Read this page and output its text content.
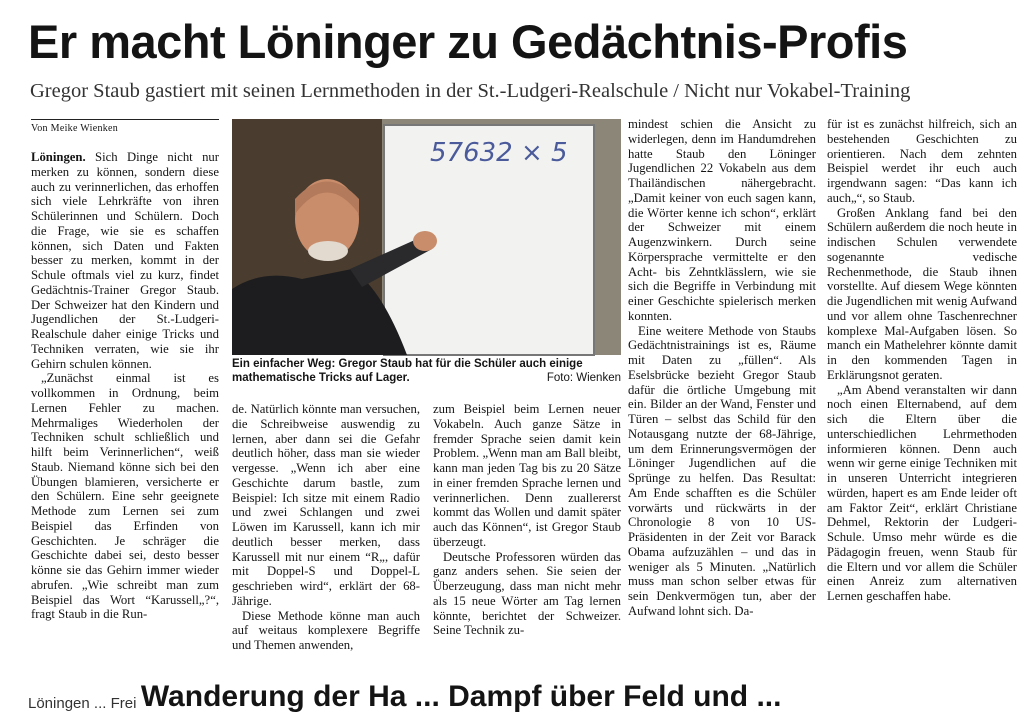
Er macht Löninger zu Gedächtnis-Profis
Gregor Staub gastiert mit seinen Lernmethoden in der St.-Ludgeri-Realschule / Nicht nur Vokabel-Training
Von Meike Wienken

Löningen. Sich Dinge nicht nur merken zu können, sondern diese auch zu verinnerlichen, das erhoffen sich viele Lehrkräfte von ihren Schülerinnen und Schülern. Doch die Frage, wie sie es schaffen können, sich Daten und Fakten besser zu merken, kommt in der Schule oftmals viel zu kurz, findet Gedächtnis-Trainer Gregor Staub. Der Schweizer hat den Kindern und Jugendlichen der St.-Ludgeri-Realschule daher einige Tricks und Techniken verraten, wie sie ihr Gehirn schulen können.

„Zunächst einmal ist es vollkommen in Ordnung, beim Lernen Fehler zu machen. Mehrmaliges Wiederholen der Techniken schult schließlich und hilft beim Verinnerlichen“, weiß Staub. Niemand könne sich bei den Übungen blamieren, versicherte er den Schülern. Eine sehr geeignete Methode zum Lernen sei zum Beispiel das Erfinden von Geschichten. Je schräger die Geschichte dabei sei, desto besser könne sie das Gehirn immer wieder abrufen. „Wie schreibt man zum Beispiel das Wort “Karussell„?“, fragt Staub in die Run-

57632 × 5
Ein einfacher Weg: Gregor Staub hat für die Schüler auch einige mathematische Tricks auf Lager.	Foto: Wienken

de. Natürlich könnte man versuchen, die Schreibweise auswendig zu lernen, aber dann sei die Gefahr deutlich höher, dass man sie wieder vergesse. „Wenn ich aber eine Geschichte darum bastle, zum Beispiel: Ich sitze mit einem Radio und zwei Schlangen und zwei Löwen im Karussell, kann ich mir deutlich besser merken, dass Karussell mit nur einem “R„, dafür mit Doppel-S und Doppel-L geschrieben wird“, erklärt der 68-Jährige.

Diese Methode könne man auch auf weitaus komplexere Begriffe und Themen anwenden,

zum Beispiel beim Lernen neuer Vokabeln. Auch ganze Sätze in fremder Sprache seien damit kein Problem. „Wenn man am Ball bleibt, kann man jeden Tag bis zu 20 Sätze in einer fremden Sprache lernen und verinnerlichen. Denn zuallererst kommt das Wollen und damit später auch das Können“, ist Gregor Staub überzeugt.

Deutsche Professoren würden das ganz anders sehen. Sie seien der Überzeugung, dass man nicht mehr als 15 neue Wörter am Tag lernen könnte, berichtet der Schweizer. Seine Technik zu-

mindest schien die Ansicht zu widerlegen, denn im Handumdrehen hatte Staub den Löninger Jugendlichen 22 Vokabeln aus dem Thailändischen nähergebracht. „Damit keiner von euch sagen kann, die Wörter kenne ich schon“, erklärt der Schweizer mit einem Augenzwinkern. Durch seine Körpersprache vermittelte er den Acht- bis Zehntklässlern, wie sie sich die Begriffe in Verbindung mit einer Geschichte spielerisch merken konnten.

Eine weitere Methode von Staubs Gedächtnistrainings ist es, Räume mit Daten zu „füllen“. Als Eselsbrücke bezieht Gregor Staub dafür die örtliche Umgebung mit ein. Bilder an der Wand, Fenster und Türen – selbst das Schild für den Notausgang nutzte der 68-Jährige, um dem Erinnerungsvermögen der Löninger Jugendlichen auf die Sprünge zu helfen. Das Resultat: Am Ende schafften es die Schüler vorwärts und rückwärts in der Chronologie 8 von 10 US-Präsidenten in der Zeit vor Barack Obama aufzuzählen – und das in weniger als 5 Minuten. „Natürlich muss man schon selber etwas für sein Denkvermögen tun, aber der Aufwand lohnt sich. Da-

für ist es zunächst hilfreich, sich an bestehenden Geschichten zu orientieren. Nach dem zehnten Beispiel werdet ihr euch auch irgendwann sagen: “Das kann ich auch„“, so Staub.

Großen Anklang fand bei den Schülern außerdem die noch heute in indischen Schulen verwendete sogenannte vedische Rechenmethode, die Staub ihnen vorstellte. Auf diesem Wege könnten die Jugendlichen mit wenig Aufwand und vor allem ohne Taschenrechner komplexe Mal-Aufgaben lösen. So manch ein Mathelehrer könnte damit in den kommenden Tagen in Erklärungsnot geraten.

„Am Abend veranstalten wir dann noch einen Elternabend, auf dem sich die Eltern über die unterschiedlichen Lehrmethoden informieren können. Denn auch wenn wir gerne einige Techniken mit in unseren Unterricht integrieren würden, hapert es am Ende leider oft am Faktor Zeit“, erklärt Christiane Dehmel, Rektorin der Ludgeri-Schule. Umso mehr würde es die Pädagogin freuen, wenn Staub für die Eltern und vor allem die Schüler einen Anreiz zum alternativen Lernen geschaffen habe.

Löningen ... Frei Wanderung der Ha ... Dampf über Feld und ...
